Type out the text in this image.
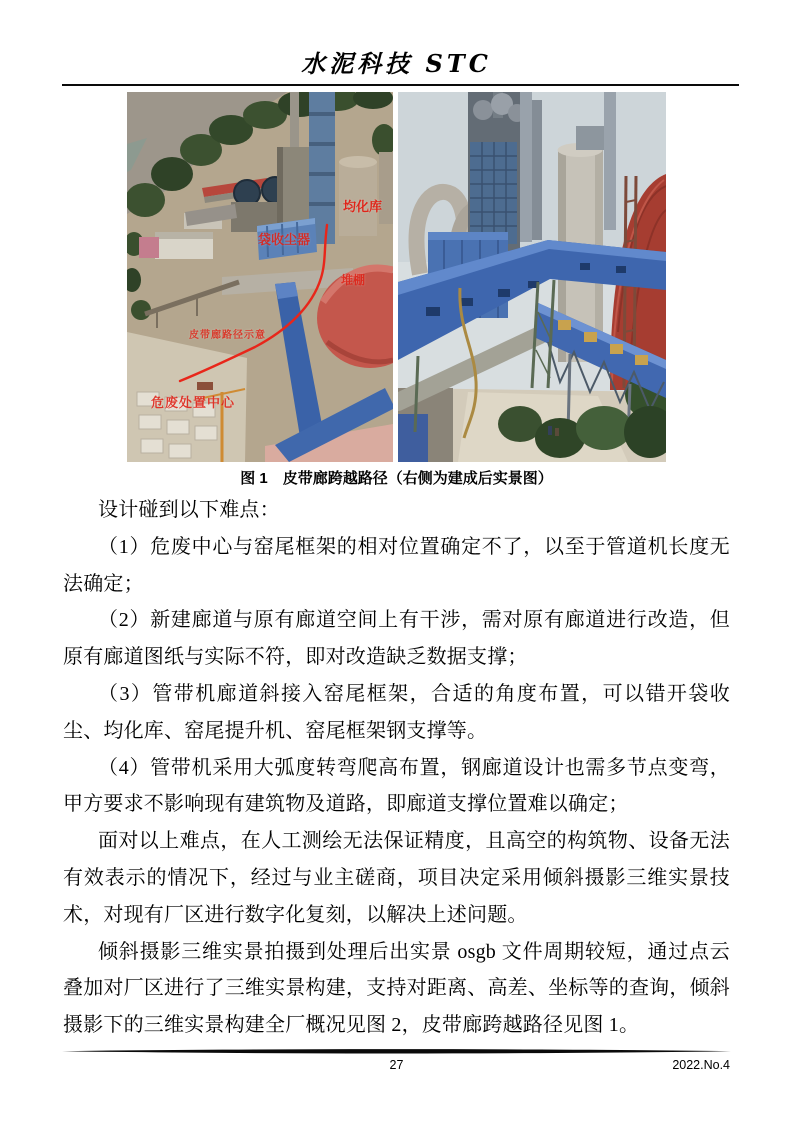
水泥科技 STC
均化库
袋收尘器
堆棚
皮带廊路径示意
危废处置中心
图 1　皮带廊跨越路径（右侧为建成后实景图）

设计碰到以下难点：

（1）危废中心与窑尾框架的相对位置确定不了，以至于管道机长度无法确定；

（2）新建廊道与原有廊道空间上有干涉，需对原有廊道进行改造，但原有廊道图纸与实际不符，即对改造缺乏数据支撑；

（3）管带机廊道斜接入窑尾框架，合适的角度布置，可以错开袋收尘、均化库、窑尾提升机、窑尾框架钢支撑等。

（4）管带机采用大弧度转弯爬高布置，钢廊道设计也需多节点变弯，甲方要求不影响现有建筑物及道路，即廊道支撑位置难以确定；

面对以上难点，在人工测绘无法保证精度，且高空的构筑物、设备无法有效表示的情况下，经过与业主磋商，项目决定采用倾斜摄影三维实景技术，对现有厂区进行数字化复刻，以解决上述问题。

倾斜摄影三维实景拍摄到处理后出实景 osgb 文件周期较短，通过点云叠加对厂区进行了三维实景构建，支持对距离、高差、坐标等的查询，倾斜摄影下的三维实景构建全厂概况见图 2，皮带廊跨越路径见图 1。

27	2022.No.4
